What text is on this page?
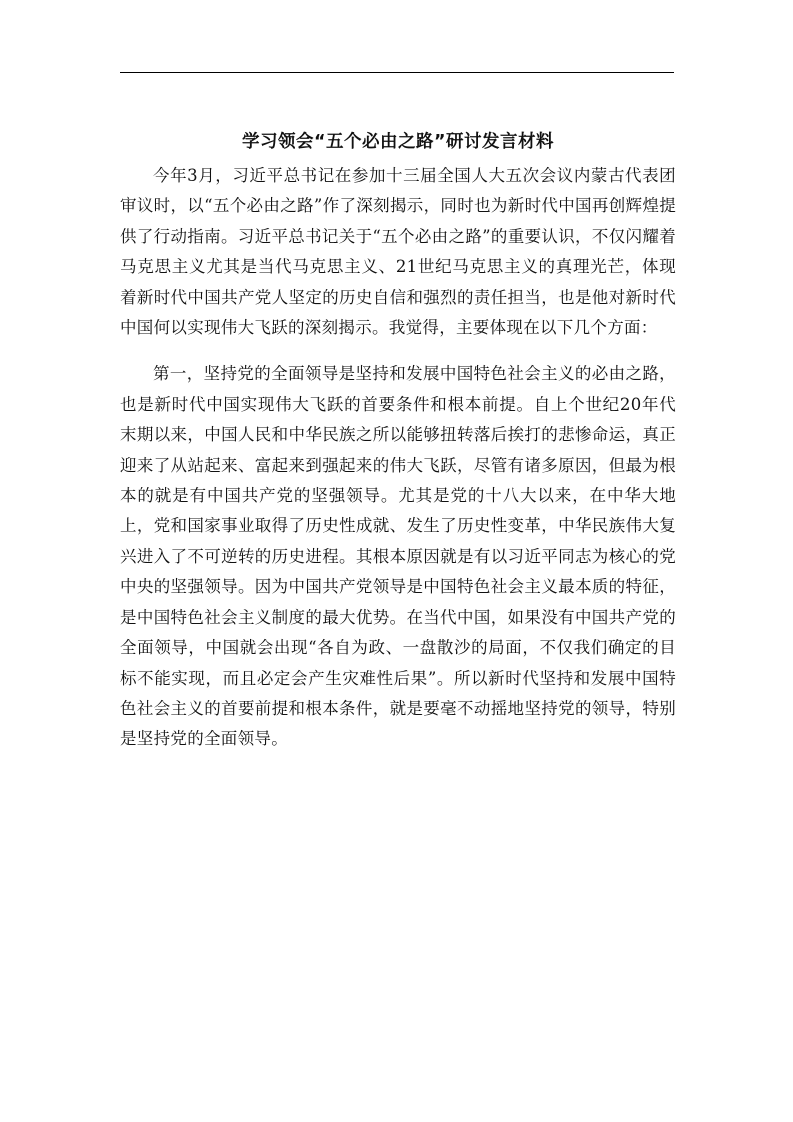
学习领会“五个必由之路”研讨发言材料

今年3月，习近平总书记在参加十三届全国人大五次会议内蒙古代表团审议时，以“五个必由之路”作了深刻揭示，同时也为新时代中国再创辉煌提供了行动指南。习近平总书记关于“五个必由之路”的重要认识，不仅闪耀着马克思主义尤其是当代马克思主义、21世纪马克思主义的真理光芒，体现着新时代中国共产党人坚定的历史自信和强烈的责任担当，也是他对新时代中国何以实现伟大飞跃的深刻揭示。我觉得，主要体现在以下几个方面：

第一，坚持党的全面领导是坚持和发展中国特色社会主义的必由之路，也是新时代中国实现伟大飞跃的首要条件和根本前提。自上个世纪20年代末期以来，中国人民和中华民族之所以能够扭转落后挨打的悲惨命运，真正迎来了从站起来、富起来到强起来的伟大飞跃，尽管有诸多原因，但最为根本的就是有中国共产党的坚强领导。尤其是党的十八大以来，在中华大地上，党和国家事业取得了历史性成就、发生了历史性变革，中华民族伟大复兴进入了不可逆转的历史进程。其根本原因就是有以习近平同志为核心的党中央的坚强领导。因为中国共产党领导是中国特色社会主义最本质的特征，是中国特色社会主义制度的最大优势。在当代中国，如果没有中国共产党的全面领导，中国就会出现“各自为政、一盘散沙的局面，不仅我们确定的目标不能实现，而且必定会产生灾难性后果”。所以新时代坚持和发展中国特色社会主义的首要前提和根本条件，就是要毫不动摇地坚持党的领导，特别是坚持党的全面领导。
